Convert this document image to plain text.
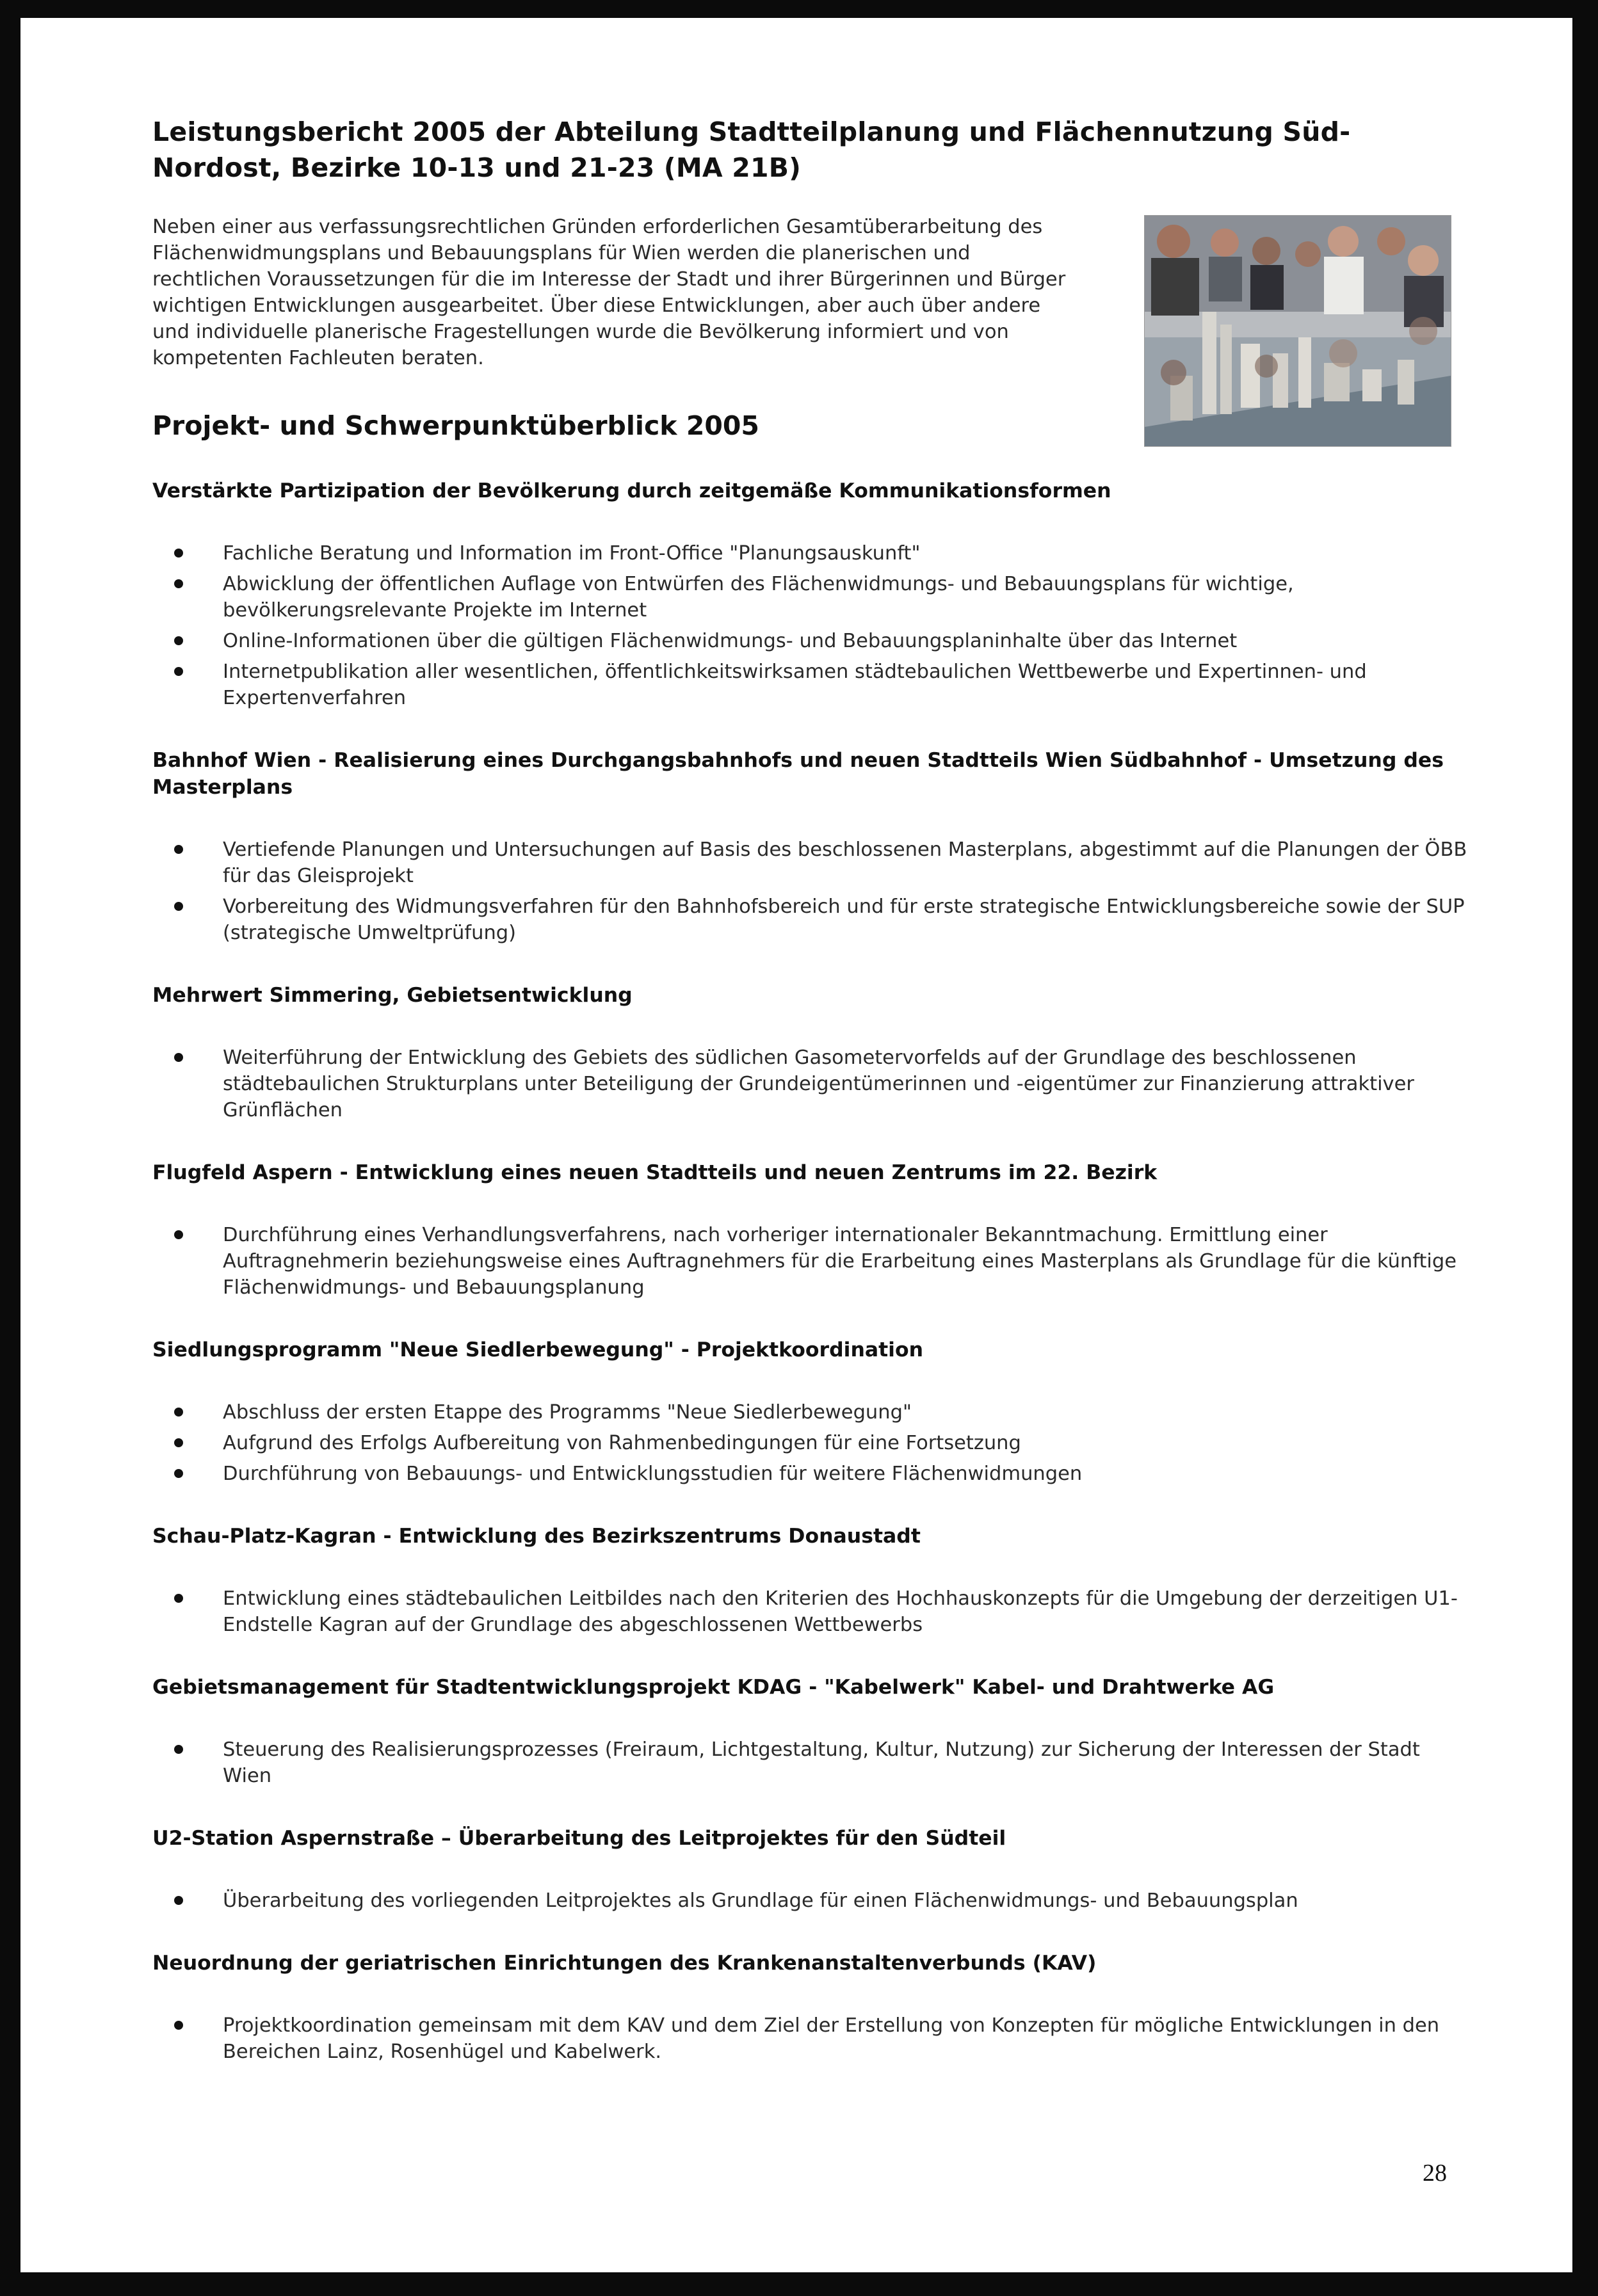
Leistungsbericht 2005 der Abteilung Stadtteilplanung und Flächennutzung Süd-Nordost, Bezirke 10-13 und 21-23 (MA 21B)

Neben einer aus verfassungsrechtlichen Gründen erforderlichen Gesamtüberarbeitung des Flächenwidmungsplans und Bebauungsplans für Wien werden die planerischen und rechtlichen Voraussetzungen für die im Interesse der Stadt und ihrer Bürgerinnen und Bürger wichtigen Entwicklungen ausgearbeitet. Über diese Entwicklungen, aber auch über andere und individuelle planerische Fragestellungen wurde die Bevölkerung informiert und von kompetenten Fachleuten beraten.

Projekt- und Schwerpunktüberblick 2005
Verstärkte Partizipation der Bevölkerung durch zeitgemäße Kommunikationsformen
Fachliche Beratung und Information im Front-Office "Planungsauskunft"
Abwicklung der öffentlichen Auflage von Entwürfen des Flächenwidmungs- und Bebauungsplans für wichtige, bevölkerungsrelevante Projekte im Internet
Online-Informationen über die gültigen Flächenwidmungs- und Bebauungsplaninhalte über das Internet
Internetpublikation aller wesentlichen, öffentlichkeitswirksamen städtebaulichen Wettbewerbe und Expertinnen- und Expertenverfahren
Bahnhof Wien - Realisierung eines Durchgangsbahnhofs und neuen Stadtteils Wien Südbahnhof - Umsetzung des Masterplans
Vertiefende Planungen und Untersuchungen auf Basis des beschlossenen Masterplans, abgestimmt auf die Planungen der ÖBB für das Gleisprojekt
Vorbereitung des Widmungsverfahren für den Bahnhofsbereich und für erste strategische Entwicklungsbereiche sowie der SUP (strategische Umweltprüfung)
Mehrwert Simmering, Gebietsentwicklung
Weiterführung der Entwicklung des Gebiets des südlichen Gasometervorfelds auf der Grundlage des beschlossenen städtebaulichen Strukturplans unter Beteiligung der Grundeigentümerinnen und -eigentümer zur Finanzierung attraktiver Grünflächen
Flugfeld Aspern - Entwicklung eines neuen Stadtteils und neuen Zentrums im 22. Bezirk
Durchführung eines Verhandlungsverfahrens, nach vorheriger internationaler Bekanntmachung. Ermittlung einer Auftragnehmerin beziehungsweise eines Auftragnehmers für die Erarbeitung eines Masterplans als Grundlage für die künftige Flächenwidmungs- und Bebauungsplanung
Siedlungsprogramm "Neue Siedlerbewegung" - Projektkoordination
Abschluss der ersten Etappe des Programms "Neue Siedlerbewegung"
Aufgrund des Erfolgs Aufbereitung von Rahmenbedingungen für eine Fortsetzung
Durchführung von Bebauungs- und Entwicklungsstudien für weitere Flächenwidmungen
Schau-Platz-Kagran - Entwicklung des Bezirkszentrums Donaustadt
Entwicklung eines städtebaulichen Leitbildes nach den Kriterien des Hochhauskonzepts für die Umgebung der derzeitigen U1-Endstelle Kagran auf der Grundlage des abgeschlossenen Wettbewerbs
Gebietsmanagement für Stadtentwicklungsprojekt KDAG - "Kabelwerk" Kabel- und Drahtwerke AG
Steuerung des Realisierungsprozesses (Freiraum, Lichtgestaltung, Kultur, Nutzung) zur Sicherung der Interessen der Stadt Wien
U2-Station Aspernstraße – Überarbeitung des Leitprojektes für den Südteil
Überarbeitung des vorliegenden Leitprojektes als Grundlage für einen Flächenwidmungs- und Bebauungsplan
Neuordnung der geriatrischen Einrichtungen des Krankenanstaltenverbunds (KAV)
Projektkoordination gemeinsam mit dem KAV und dem Ziel der Erstellung von Konzepten für mögliche Entwicklungen in den Bereichen Lainz, Rosenhügel und Kabelwerk.
28
